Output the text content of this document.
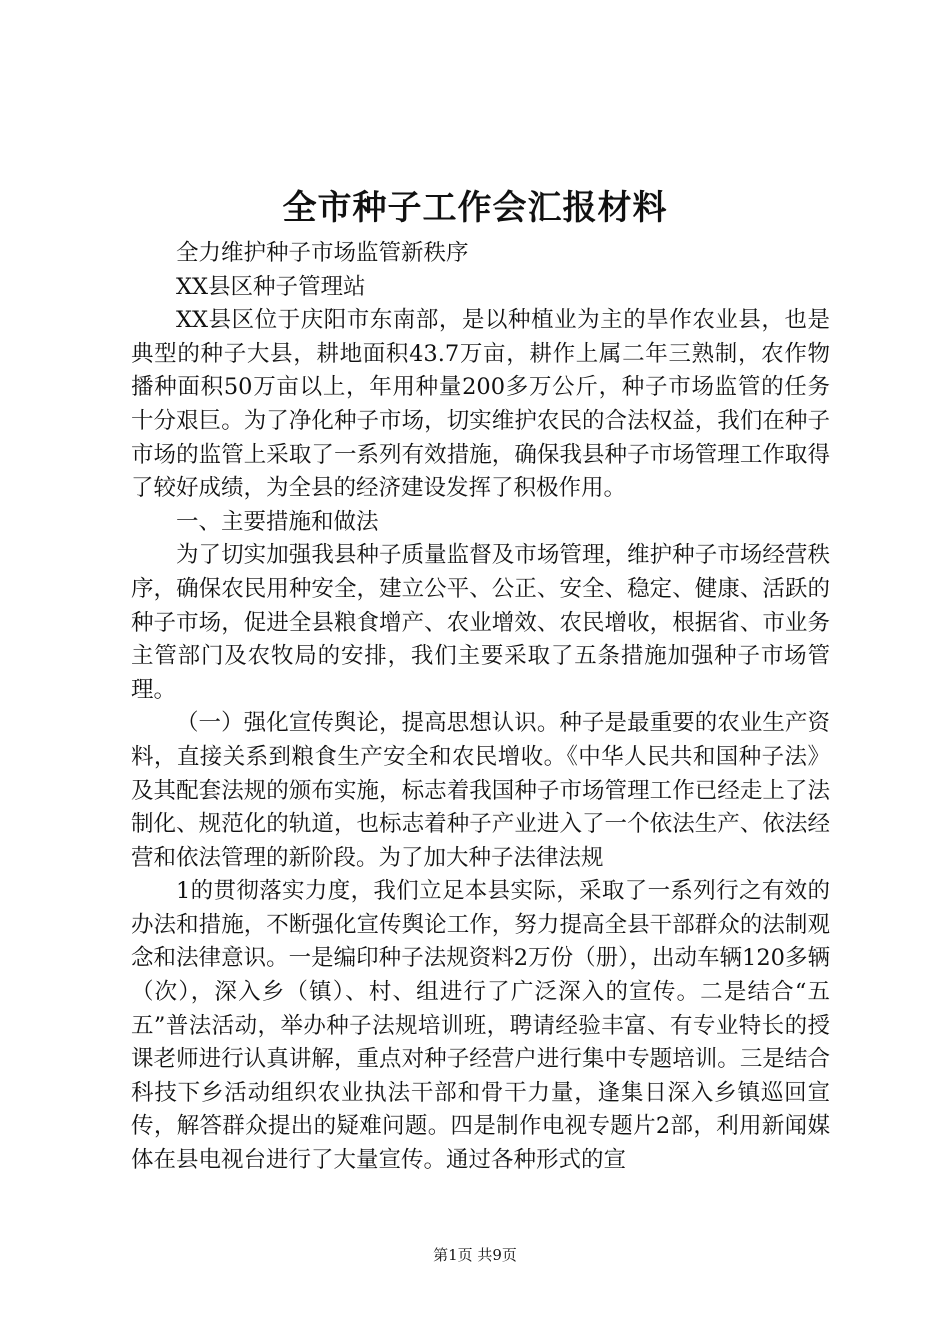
全市种子工作会汇报材料

全力维护种子市场监管新秩序

XX县区种子管理站

XX县区位于庆阳市东南部，是以种植业为主的旱作农业县，也是典型的种子大县，耕地面积43.7万亩，耕作上属二年三熟制，农作物播种面积50万亩以上，年用种量200多万公斤，种子市场监管的任务十分艰巨。为了净化种子市场，切实维护农民的合法权益，我们在种子市场的监管上采取了一系列有效措施，确保我县种子市场管理工作取得了较好成绩，为全县的经济建设发挥了积极作用。

一、主要措施和做法

为了切实加强我县种子质量监督及市场管理，维护种子市场经营秩序，确保农民用种安全，建立公平、公正、安全、稳定、健康、活跃的种子市场，促进全县粮食增产、农业增效、农民增收，根据省、市业务主管部门及农牧局的安排，我们主要采取了五条措施加强种子市场管理。

（一）强化宣传舆论，提高思想认识。种子是最重要的农业生产资料，直接关系到粮食生产安全和农民增收。《中华人民共和国种子法》及其配套法规的颁布实施，标志着我国种子市场管理工作已经走上了法制化、规范化的轨道，也标志着种子产业进入了一个依法生产、依法经营和依法管理的新阶段。为了加大种子法律法规

1的贯彻落实力度，我们立足本县实际，采取了一系列行之有效的办法和措施，不断强化宣传舆论工作，努力提高全县干部群众的法制观念和法律意识。一是编印种子法规资料2万份（册），出动车辆120多辆（次），深入乡（镇）、村、组进行了广泛深入的宣传。二是结合“五五”普法活动，举办种子法规培训班，聘请经验丰富、有专业特长的授课老师进行认真讲解，重点对种子经营户进行集中专题培训。三是结合科技下乡活动组织农业执法干部和骨干力量，逢集日深入乡镇巡回宣传，解答群众提出的疑难问题。四是制作电视专题片2部，利用新闻媒体在县电视台进行了大量宣传。通过各种形式的宣

第1页 共9页
